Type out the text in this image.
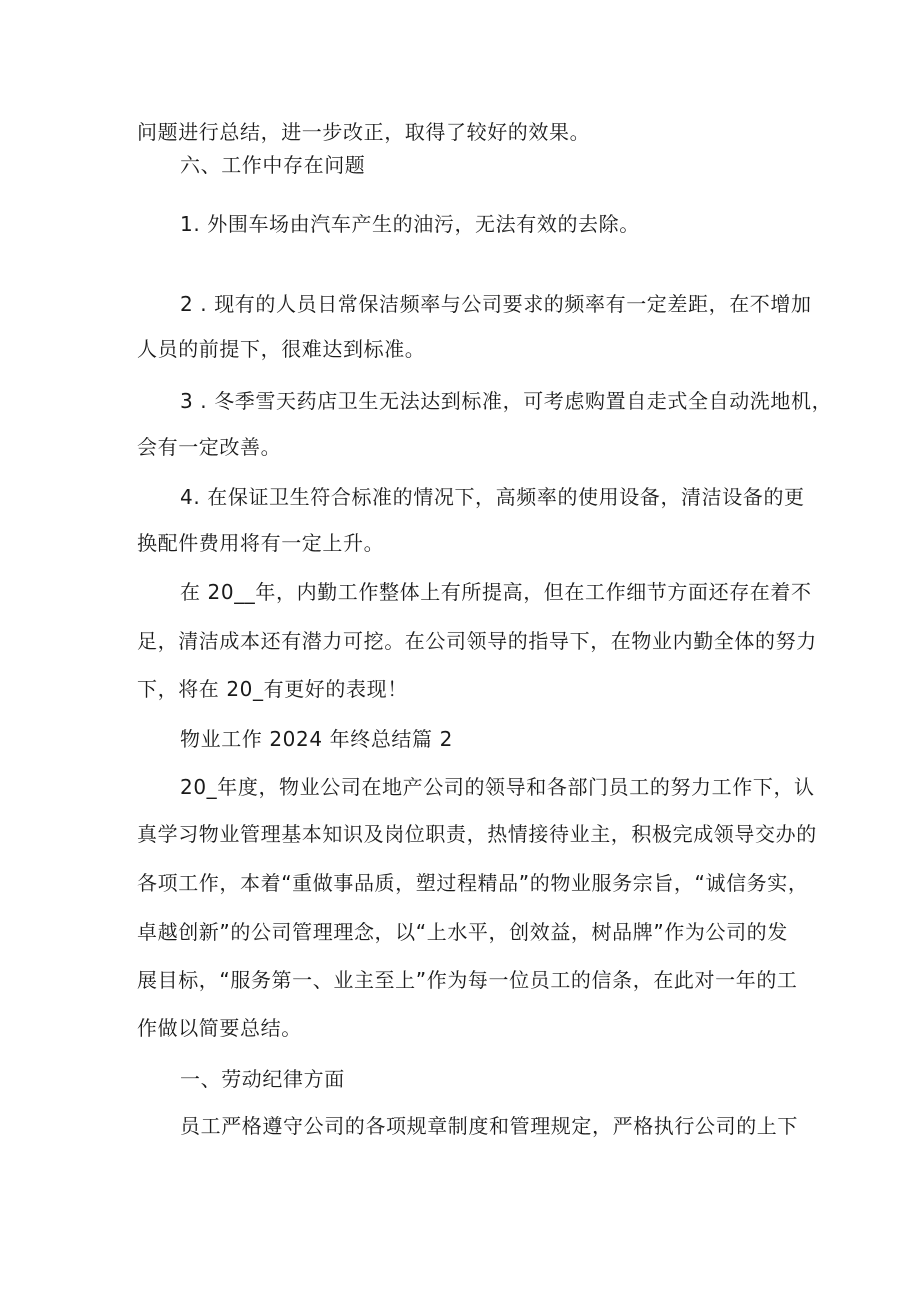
问题进行总结，进一步改正，取得了较好的效果。
六、工作中存在问题
1. 外围车场由汽车产生的油污，无法有效的去除。
2 . 现有的人员日常保洁频率与公司要求的频率有一定差距，在不增加
人员的前提下，很难达到标准。
3 . 冬季雪天药店卫生无法达到标准，可考虑购置自走式全自动洗地机，
会有一定改善。
4. 在保证卫生符合标准的情况下，高频率的使用设备，清洁设备的更
换配件费用将有一定上升。
在 20__年，内勤工作整体上有所提高，但在工作细节方面还存在着不
足，清洁成本还有潜力可挖。在公司领导的指导下，在物业内勤全体的努力
下，将在 20_有更好的表现！
物业工作 2024 年终总结篇 2
20_年度，物业公司在地产公司的领导和各部门员工的努力工作下，认
真学习物业管理基本知识及岗位职责，热情接待业主，积极完成领导交办的
各项工作，本着“重做事品质，塑过程精品”的物业服务宗旨，“诚信务实，
卓越创新”的公司管理理念，以“上水平，创效益，树品牌”作为公司的发
展目标，“服务第一、业主至上”作为每一位员工的信条，在此对一年的工
作做以简要总结。
一、劳动纪律方面
员工严格遵守公司的各项规章制度和管理规定，严格执行公司的上下
